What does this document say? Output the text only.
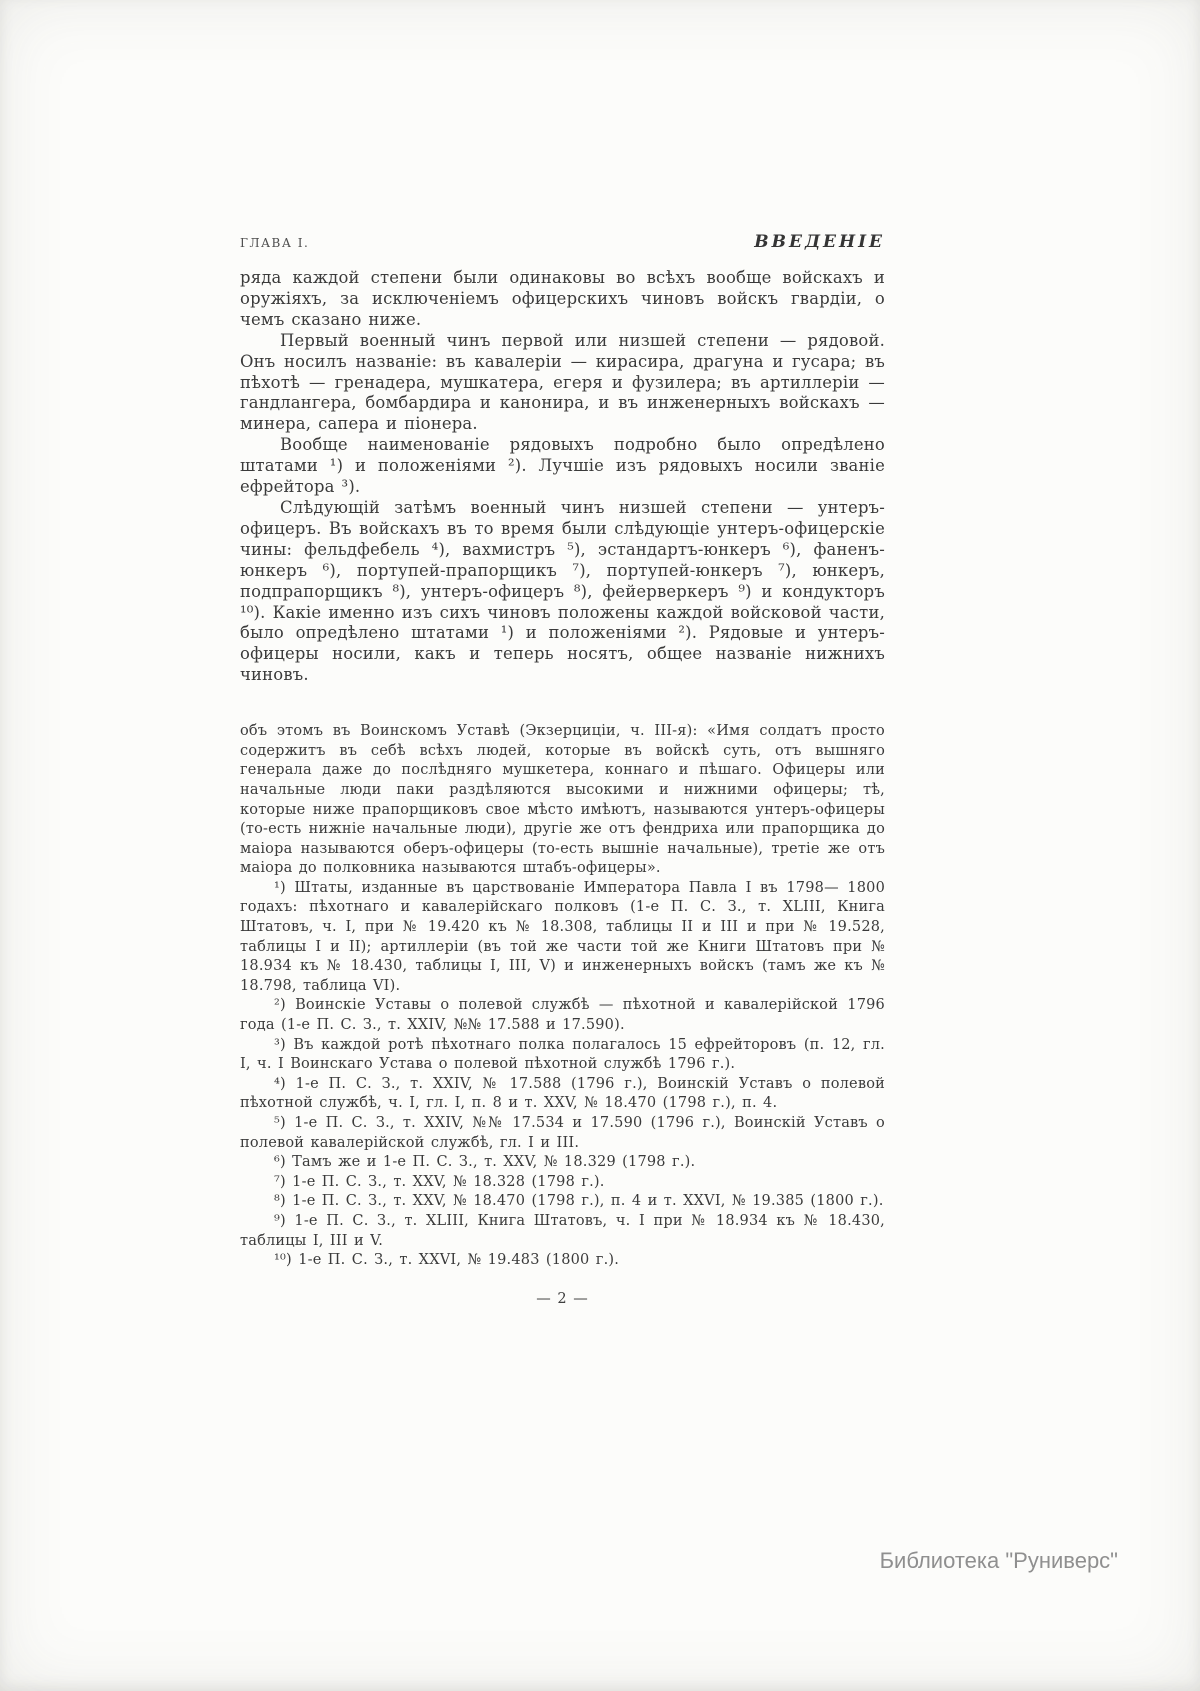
ГЛАВА I.	ВВЕДЕНІЕ

ряда каждой степени были одинаковы во всѣхъ вообще войскахъ и оружіяхъ, за исключеніемъ офицерскихъ чиновъ войскъ гвардіи, о чемъ сказано ниже.

Первый военный чинъ первой или низшей степени — рядовой. Онъ носилъ названіе: въ кавалеріи — кирасира, драгуна и гусара; въ пѣхотѣ — гренадера, мушкатера, егеря и фузилера; въ артиллеріи — гандлангера, бомбардира и канонира, и въ инженерныхъ войскахъ — минера, сапера и піонера.

Вообще наименованіе рядовыхъ подробно было опредѣлено штатами ¹) и положеніями ²). Лучшіе изъ рядовыхъ носили званіе ефрейтора ³).

Слѣдующій затѣмъ военный чинъ низшей степени — унтеръ-офицеръ. Въ войскахъ въ то время были слѣдующіе унтеръ-офицерскіе чины: фельдфебель ⁴), вахмистръ ⁵), эстандартъ-юнкеръ ⁶), фаненъ-юнкеръ ⁶), портупей-прапорщикъ ⁷), портупей-юнкеръ ⁷), юнкеръ, подпрапорщикъ ⁸), унтеръ-офицеръ ⁸), фейерверкеръ ⁹) и кондукторъ ¹⁰). Какіе именно изъ сихъ чиновъ положены каждой войсковой части, было опредѣлено штатами ¹) и положеніями ²). Рядовые и унтеръ-офицеры носили, какъ и теперь носятъ, общее названіе нижнихъ чиновъ.

объ этомъ въ Воинскомъ Уставѣ (Экзерциціи, ч. III-я): «Имя солдатъ просто содержитъ въ себѣ всѣхъ людей, которые въ войскѣ суть, отъ вышняго генерала даже до послѣдняго мушкетера, коннаго и пѣшаго. Офицеры или начальные люди паки раздѣляются высокими и нижними офицеры; тѣ, которые ниже прапорщиковъ свое мѣсто имѣютъ, называются унтеръ-офицеры (то-есть нижніе начальные люди), другіе же отъ фендриха или прапорщика до маіора называются оберъ-офицеры (то-есть вышніе начальные), третіе же отъ маіора до полковника называются штабъ-офицеры».

¹) Штаты, изданные въ царствованіе Императора Павла I въ 1798— 1800 годахъ: пѣхотнаго и кавалерійскаго полковъ (1-е П. С. З., т. XLIII, Книга Штатовъ, ч. I, при № 19.420 къ № 18.308, таблицы II и III и при № 19.528, таблицы I и II); артиллеріи (въ той же части той же Книги Штатовъ при № 18.934 къ № 18.430, таблицы I, III, V) и инженерныхъ войскъ (тамъ же къ № 18.798, таблица VI).

²) Воинскіе Уставы о полевой службѣ — пѣхотной и кавалерійской 1796 года (1-е П. С. З., т. XXIV, №№ 17.588 и 17.590).

³) Въ каждой ротѣ пѣхотнаго полка полагалось 15 ефрейторовъ (п. 12, гл. I, ч. I Воинскаго Устава о полевой пѣхотной службѣ 1796 г.).

⁴) 1-е П. С. З., т. XXIV, № 17.588 (1796 г.), Воинскій Уставъ о полевой пѣхотной службѣ, ч. I, гл. I, п. 8 и т. XXV, № 18.470 (1798 г.), п. 4.

⁵) 1-е П. С. З., т. XXIV, №№ 17.534 и 17.590 (1796 г.), Воинскій Уставъ о полевой кавалерійской службѣ, гл. I и III.

⁶) Тамъ же и 1-е П. С. З., т. XXV, № 18.329 (1798 г.).

⁷) 1-е П. С. З., т. XXV, № 18.328 (1798 г.).

⁸) 1-е П. С. З., т. XXV, № 18.470 (1798 г.), п. 4 и т. XXVI, № 19.385 (1800 г.).

⁹) 1-е П. С. З., т. XLIII, Книга Штатовъ, ч. I при № 18.934 къ № 18.430, таблицы I, III и V.

¹⁰) 1-е П. С. З., т. XXVI, № 19.483 (1800 г.).

— 2 —
Библиотека "Руниверс"
